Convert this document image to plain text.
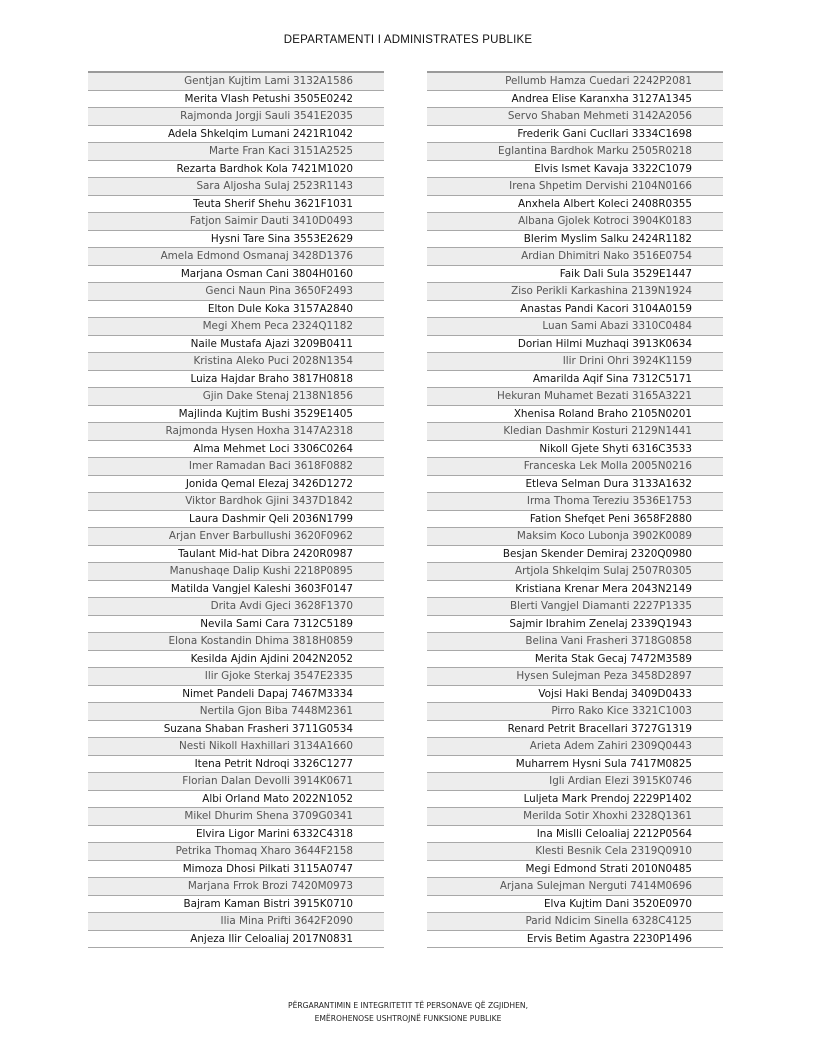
DEPARTAMENTI I ADMINISTRATES PUBLIKE
Gentjan Kujtim Lami 3132A1586
Merita Vlash Petushi 3505E0242
Rajmonda Jorgji Sauli 3541E2035
Adela Shkelqim Lumani 2421R1042
Marte Fran Kaci 3151A2525
Rezarta Bardhok Kola 7421M1020
Sara Aljosha Sulaj 2523R1143
Teuta Sherif Shehu 3621F1031
Fatjon Saimir Dauti 3410D0493
Hysni Tare Sina 3553E2629
Amela Edmond Osmanaj 3428D1376
Marjana Osman Cani 3804H0160
Genci Naun Pina 3650F2493
Elton Dule Koka 3157A2840
Megi Xhem Peca 2324Q1182
Naile Mustafa Ajazi 3209B0411
Kristina Aleko Puci 2028N1354
Luiza Hajdar Braho 3817H0818
Gjin Dake Stenaj 2138N1856
Majlinda Kujtim Bushi 3529E1405
Rajmonda Hysen Hoxha 3147A2318
Alma Mehmet Loci 3306C0264
Imer Ramadan Baci 3618F0882
Jonida Qemal Elezaj 3426D1272
Viktor Bardhok Gjini 3437D1842
Laura Dashmir Qeli 2036N1799
Arjan Enver Barbullushi 3620F0962
Taulant Mid-hat Dibra 2420R0987
Manushaqe Dalip Kushi 2218P0895
Matilda Vangjel Kaleshi 3603F0147
Drita Avdi Gjeci 3628F1370
Nevila Sami Cara 7312C5189
Elona Kostandin Dhima 3818H0859
Kesilda Ajdin Ajdini 2042N2052
Ilir Gjoke Sterkaj 3547E2335
Nimet Pandeli Dapaj 7467M3334
Nertila Gjon Biba 7448M2361
Suzana Shaban Frasheri 3711G0534
Nesti Nikoll Haxhillari 3134A1660
Itena Petrit Ndroqi 3326C1277
Florian Dalan Devolli 3914K0671
Albi Orland Mato 2022N1052
Mikel Dhurim Shena 3709G0341
Elvira Ligor Marini 6332C4318
Petrika Thomaq Xharo 3644F2158
Mimoza Dhosi Pilkati 3115A0747
Marjana Frrok Brozi 7420M0973
Bajram Kaman Bistri 3915K0710
Ilia Mina Prifti 3642F2090
Anjeza Ilir Celoaliaj 2017N0831
Pellumb Hamza Cuedari 2242P2081
Andrea Elise Karanxha 3127A1345
Servo Shaban Mehmeti 3142A2056
Frederik Gani Cucllari 3334C1698
Eglantina Bardhok Marku 2505R0218
Elvis Ismet Kavaja 3322C1079
Irena Shpetim Dervishi 2104N0166
Anxhela Albert Koleci 2408R0355
Albana Gjolek Kotroci 3904K0183
Blerim Myslim Salku 2424R1182
Ardian Dhimitri Nako 3516E0754
Faik Dali Sula 3529E1447
Ziso Perikli Karkashina 2139N1924
Anastas Pandi Kacori 3104A0159
Luan Sami Abazi 3310C0484
Dorian Hilmi Muzhaqi 3913K0634
Ilir Drini Ohri 3924K1159
Amarilda Aqif Sina 7312C5171
Hekuran Muhamet Bezati 3165A3221
Xhenisa Roland Braho 2105N0201
Kledian Dashmir Kosturi 2129N1441
Nikoll Gjete Shyti 6316C3533
Franceska Lek Molla 2005N0216
Etleva Selman Dura 3133A1632
Irma Thoma Tereziu 3536E1753
Fation Shefqet Peni 3658F2880
Maksim Koco Lubonja 3902K0089
Besjan Skender Demiraj 2320Q0980
Artjola Shkelqim Sulaj 2507R0305
Kristiana Krenar Mera 2043N2149
Blerti Vangjel Diamanti 2227P1335
Sajmir Ibrahim Zenelaj 2339Q1943
Belina Vani Frasheri 3718G0858
Merita Stak Gecaj 7472M3589
Hysen Sulejman Peza 3458D2897
Vojsi Haki Bendaj 3409D0433
Pirro Rako Kice 3321C1003
Renard Petrit Bracellari 3727G1319
Arieta Adem Zahiri 2309Q0443
Muharrem Hysni Sula 7417M0825
Igli Ardian Elezi 3915K0746
Luljeta Mark Prendoj 2229P1402
Merilda Sotir Xhoxhi 2328Q1361
Ina Mislli Celoaliaj 2212P0564
Klesti Besnik Cela 2319Q0910
Megi Edmond Strati 2010N0485
Arjana Sulejman Nerguti 7414M0696
Elva Kujtim Dani 3520E0970
Parid Ndicim Sinella 6328C4125
Ervis Betim Agastra 2230P1496
PËRGARANTIMIN E INTEGRITETIT TË PERSONAVE QË ZGJIDHEN,
EMËROHENOSE USHTROJNË FUNKSIONE PUBLIKE
